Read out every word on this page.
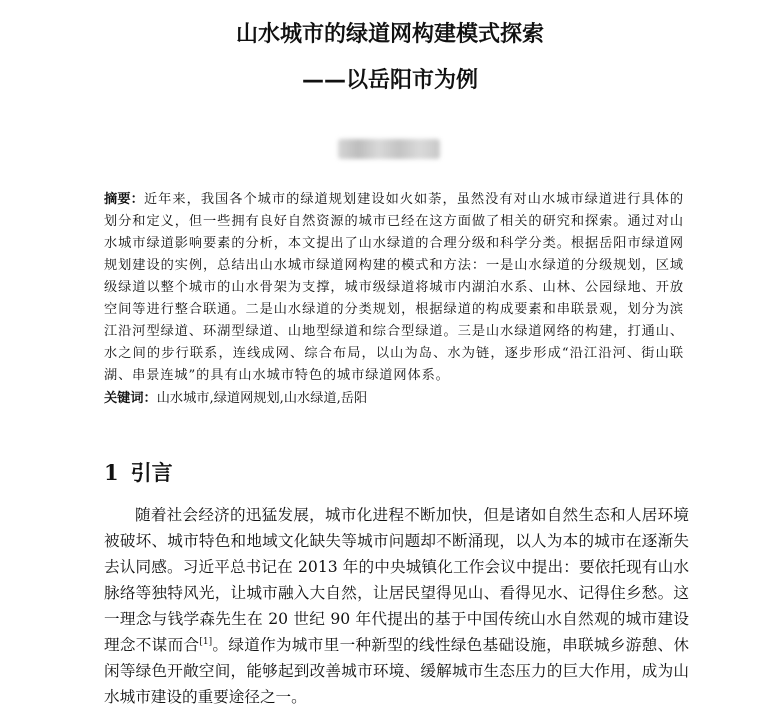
山水城市的绿道网构建模式探索
——以岳阳市为例

摘要：近年来，我国各个城市的绿道规划建设如火如荼，虽然没有对山水城市绿道进行具体的划分和定义，但一些拥有良好自然资源的城市已经在这方面做了相关的研究和探索。通过对山水城市绿道影响要素的分析，本文提出了山水绿道的合理分级和科学分类。根据岳阳市绿道网规划建设的实例，总结出山水城市绿道网构建的模式和方法：一是山水绿道的分级规划，区域级绿道以整个城市的山水骨架为支撑，城市级绿道将城市内湖泊水系、山林、公园绿地、开放空间等进行整合联通。二是山水绿道的分类规划，根据绿道的构成要素和串联景观，划分为滨江沿河型绿道、环湖型绿道、山地型绿道和综合型绿道。三是山水绿道网络的构建，打通山、水之间的步行联系，连线成网、综合布局，以山为岛、水为链，逐步形成“沿江沿河、街山联湖、串景连城”的具有山水城市特色的城市绿道网体系。

关键词：山水城市,绿道网规划,山水绿道,岳阳

1 引言

随着社会经济的迅猛发展，城市化进程不断加快，但是诸如自然生态和人居环境被破坏、城市特色和地域文化缺失等城市问题却不断涌现，以人为本的城市在逐渐失去认同感。习近平总书记在 2013 年的中央城镇化工作会议中提出：要依托现有山水脉络等独特风光，让城市融入大自然，让居民望得见山、看得见水、记得住乡愁。这一理念与钱学森先生在 20 世纪 90 年代提出的基于中国传统山水自然观的城市建设理念不谋而合[1]。绿道作为城市里一种新型的线性绿色基础设施，串联城乡游憩、休闲等绿色开敞空间，能够起到改善城市环境、缓解城市生态压力的巨大作用，成为山水城市建设的重要途径之一。
